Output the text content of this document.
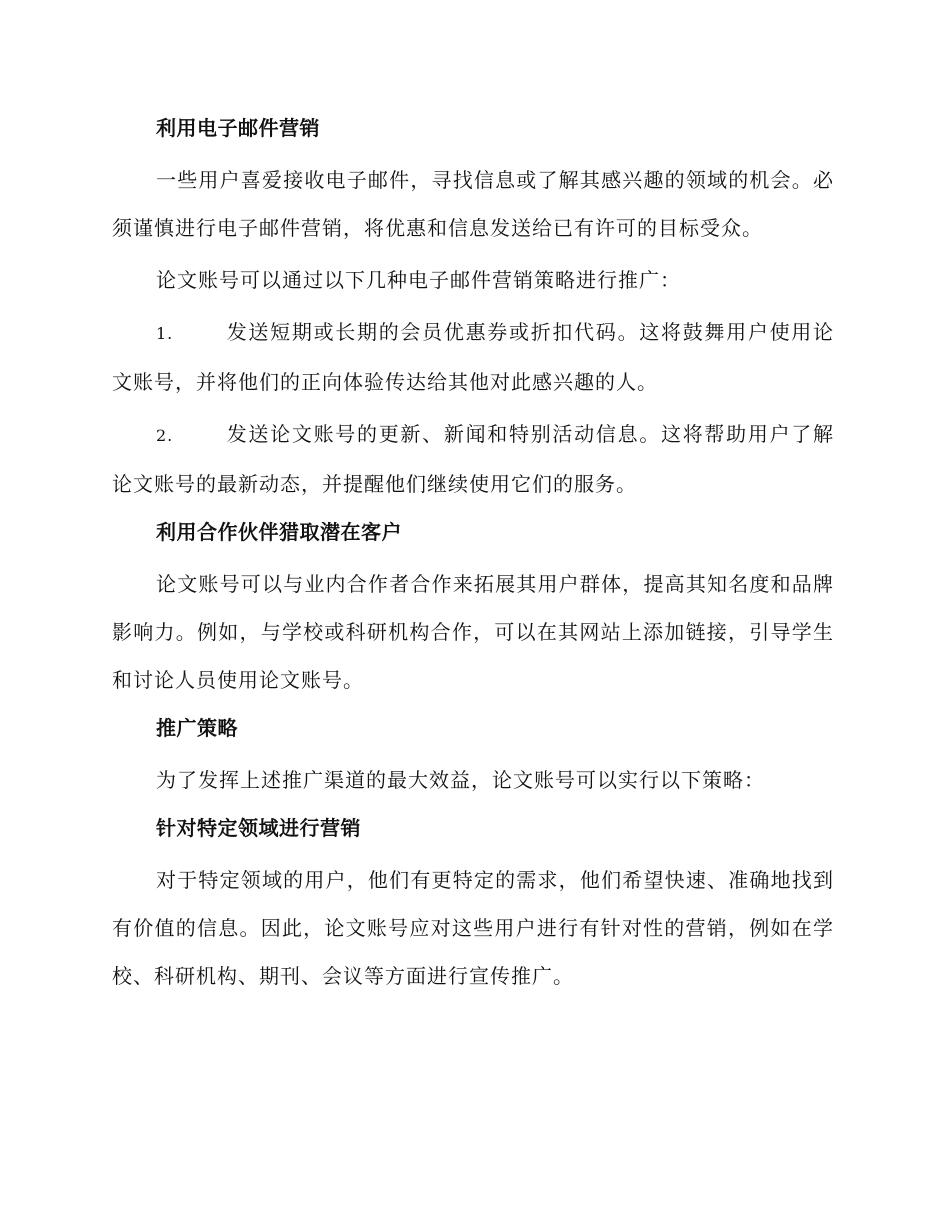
利用电子邮件营销

一些用户喜爱接收电子邮件，寻找信息或了解其感兴趣的领域的机会。必须谨慎进行电子邮件营销，将优惠和信息发送给已有许可的目标受众。

论文账号可以通过以下几种电子邮件营销策略进行推广：

1.	发送短期或长期的会员优惠券或折扣代码。这将鼓舞用户使用论文账号，并将他们的正向体验传达给其他对此感兴趣的人。

2.	发送论文账号的更新、新闻和特别活动信息。这将帮助用户了解论文账号的最新动态，并提醒他们继续使用它们的服务。

利用合作伙伴猎取潜在客户

论文账号可以与业内合作者合作来拓展其用户群体，提高其知名度和品牌影响力。例如，与学校或科研机构合作，可以在其网站上添加链接，引导学生和讨论人员使用论文账号。

推广策略

为了发挥上述推广渠道的最大效益，论文账号可以实行以下策略：

针对特定领域进行营销

对于特定领域的用户，他们有更特定的需求，他们希望快速、准确地找到有价值的信息。因此，论文账号应对这些用户进行有针对性的营销，例如在学校、科研机构、期刊、会议等方面进行宣传推广。
